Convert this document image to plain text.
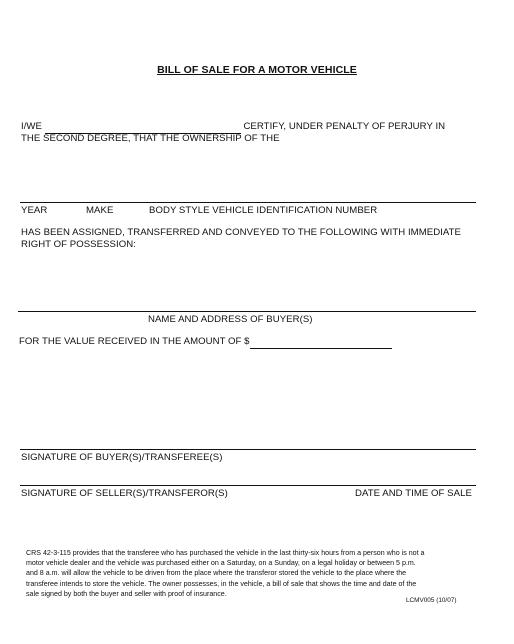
BILL OF SALE FOR A MOTOR VEHICLE
I/WE	CERTIFY, UNDER PENALTY OF PERJURY IN
THE SECOND DEGREE, THAT THE OWNERSHIP OF THE
YEAR	MAKE	BODY STYLE VEHICLE IDENTIFICATION NUMBER
HAS BEEN ASSIGNED, TRANSFERRED AND CONVEYED TO THE FOLLOWING WITH IMMEDIATE
RIGHT OF POSSESSION:
NAME AND ADDRESS OF BUYER(S)
FOR THE VALUE RECEIVED IN THE AMOUNT OF $
SIGNATURE OF BUYER(S)/TRANSFEREE(S)
SIGNATURE OF SELLER(S)/TRANSFEROR(S)	DATE AND TIME OF SALE
CRS 42-3-115 provides that the transferee who has purchased the vehicle in the last thirty-six hours from a person who is not a
motor vehicle dealer and the vehicle was purchased either on a Saturday, on a Sunday, on a legal holiday or between 5 p.m.
and 8 a.m. will allow the vehicle to be driven from the place where the transferor stored the vehicle to the place where the
transferee intends to store the vehicle. The owner possesses, in the vehicle, a bill of sale that shows the time and date of the
sale signed by both the buyer and seller with proof of insurance.
LCMV005 (10/07)
